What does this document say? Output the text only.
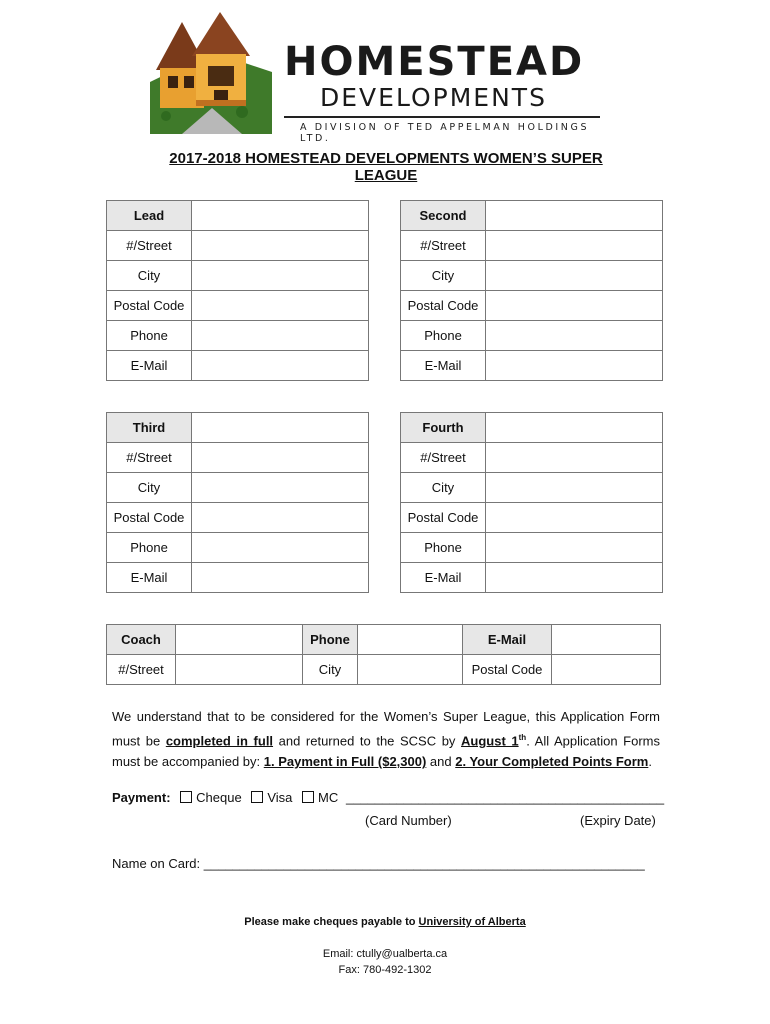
HOMESTEAD
DEVELOPMENTS
A DIVISION OF TED APPELMAN HOLDINGS LTD.
2017-2018 HOMESTEAD DEVELOPMENTS WOMEN’S SUPER LEAGUE
Lead	
#/Street	
City	
Postal Code	
Phone	
E-Mail	
Second	
#/Street	
City	
Postal Code	
Phone	
E-Mail	
Third	
#/Street	
City	
Postal Code	
Phone	
E-Mail	
Fourth	
#/Street	
City	
Postal Code	
Phone	
E-Mail	
Coach		Phone		E-Mail	
#/Street		City		Postal Code	
We understand that to be considered for the Women’s Super League, this Application Form must be completed in full and returned to the SCSC by August 1th. All Application Forms must be accompanied by: 1. Payment in Full ($2,300) and 2. Your Completed Points Form.
Payment: Cheque Visa MC ______________________ ______________________
(Card Number)	(Expiry Date)
Name on Card: _____________________________________________________________
Please make cheques payable to University of Alberta
Email: ctully@ualberta.ca
Fax: 780-492-1302
